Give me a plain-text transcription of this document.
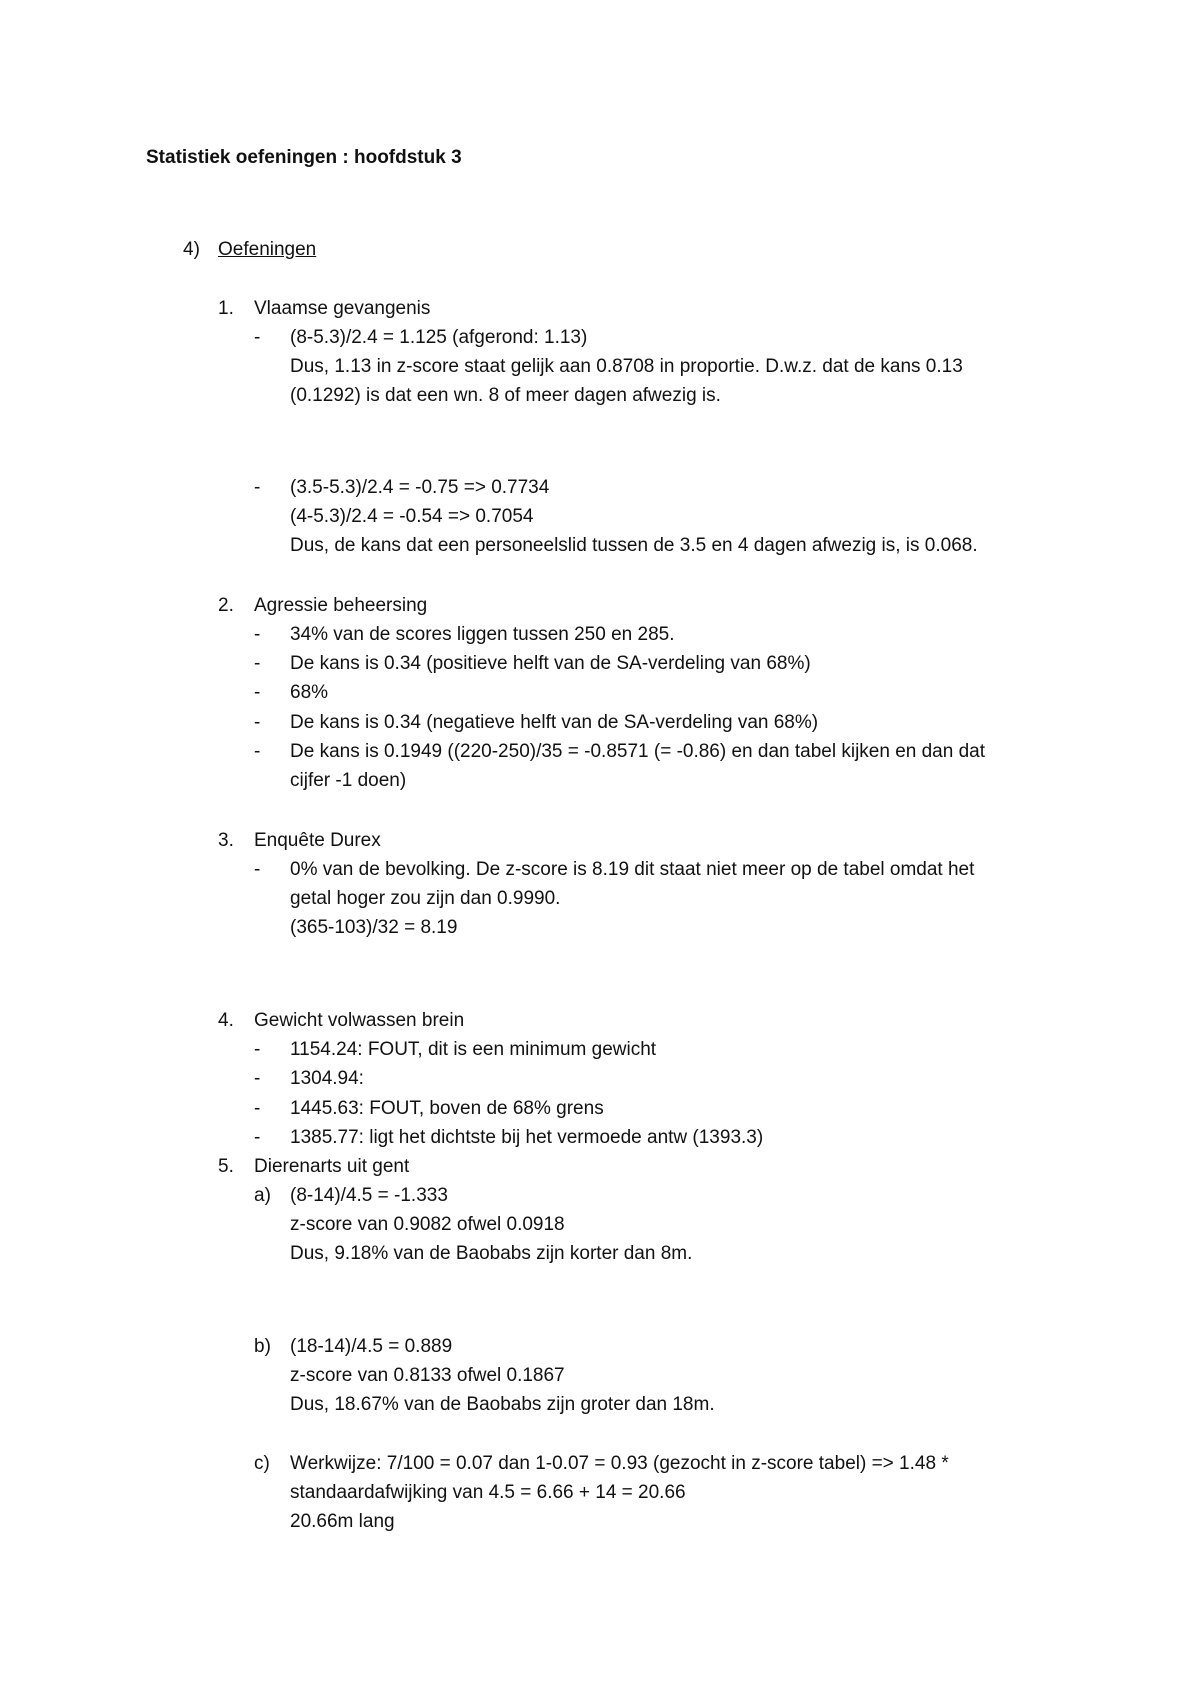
Statistiek oefeningen : hoofdstuk 3
4) Oefeningen
1. Vlaamse gevangenis
- (8-5.3)/2.4 = 1.125 (afgerond: 1.13)
Dus, 1.13 in z-score staat gelijk aan 0.8708 in proportie. D.w.z. dat de kans 0.13
(0.1292) is dat een wn. 8 of meer dagen afwezig is.
- (3.5-5.3)/2.4 = -0.75 => 0.7734
(4-5.3)/2.4 = -0.54 => 0.7054
Dus, de kans dat een personeelslid tussen de 3.5 en 4 dagen afwezig is, is 0.068.
2. Agressie beheersing
- 34% van de scores liggen tussen 250 en 285.
- De kans is 0.34 (positieve helft van de SA-verdeling van 68%)
- 68%
- De kans is 0.34 (negatieve helft van de SA-verdeling van 68%)
- De kans is 0.1949 ((220-250)/35 = -0.8571 (= -0.86) en dan tabel kijken en dan dat
cijfer -1 doen)
3. Enquête Durex
- 0% van de bevolking. De z-score is 8.19 dit staat niet meer op de tabel omdat het
getal hoger zou zijn dan 0.9990.
(365-103)/32 = 8.19
4. Gewicht volwassen brein
- 1154.24: FOUT, dit is een minimum gewicht
- 1304.94:
- 1445.63: FOUT, boven de 68% grens
- 1385.77: ligt het dichtste bij het vermoede antw (1393.3)
5. Dierenarts uit gent
a) (8-14)/4.5 = -1.333
z-score van 0.9082 ofwel 0.0918
Dus, 9.18% van de Baobabs zijn korter dan 8m.
b) (18-14)/4.5 = 0.889
z-score van 0.8133 ofwel 0.1867
Dus, 18.67% van de Baobabs zijn groter dan 18m.
c) Werkwijze: 7/100 = 0.07 dan 1-0.07 = 0.93 (gezocht in z-score tabel) => 1.48 *
standaardafwijking van 4.5 = 6.66 + 14 = 20.66
20.66m lang
